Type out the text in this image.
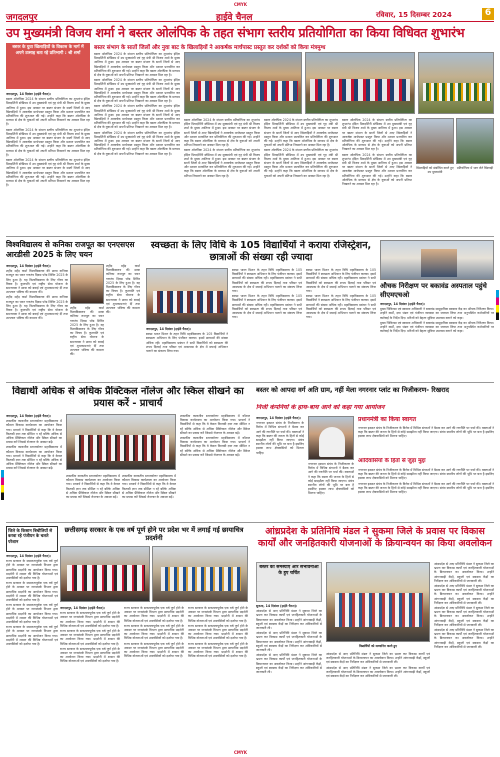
CMYK
जगदलपुर	हाईवे चैनल	रविवार, 15 दिसम्बर 2024	6
उप मुख्यमंत्री विजय शर्मा ने बस्तर ओलंपिक के तहत संभाग स्तरीय प्रतियोगिता का किया विधिवत शुभारंभ
बस्तर संभाग के सातों जिलों और नुवा बाट के खिलाड़ियों ने आकर्षक मार्चपास्ट प्रस्तुत कर दर्शकों को किया मंत्रमुग्ध
बस्तर के युवा खिलाड़ियों के विकास के मार्ग में अपने उत्साह बता रहे प्रतिभागी : श्री शर्मा

जगदलपुर, 14 दिसंबर (हाईवे चैनल)।

बस्तर ओलंपिक 2024 के संभाग स्तरीय प्रतियोगिता का शुभारंभ इंदिरा प्रियदर्शिनी स्टेडियम में उप मुख्यमंत्री एवं गृह मंत्री श्री विजय शर्मा के मुख्य आतिथ्य में हुआ। इस अवसर पर बस्तर संभाग के सातों जिलों से आए खिलाड़ियों ने आकर्षक मार्चपास्ट प्रस्तुत किया और मशाल प्रज्वलित कर प्रतियोगिता की शुरुआत की गई। उन्होंने कहा कि बस्तर ओलंपिक के माध्यम से क्षेत्र के युवाओं को अपनी प्रतिभा निखारने का अवसर मिल रहा है।

बस्तर ओलंपिक 2024 के संभाग स्तरीय प्रतियोगिता का शुभारंभ इंदिरा प्रियदर्शिनी स्टेडियम में उप मुख्यमंत्री एवं गृह मंत्री श्री विजय शर्मा के मुख्य आतिथ्य में हुआ। इस अवसर पर बस्तर संभाग के सातों जिलों से आए खिलाड़ियों ने आकर्षक मार्चपास्ट प्रस्तुत किया और मशाल प्रज्वलित कर प्रतियोगिता की शुरुआत की गई। उन्होंने कहा कि बस्तर ओलंपिक के माध्यम से क्षेत्र के युवाओं को अपनी प्रतिभा निखारने का अवसर मिल रहा है।

बस्तर ओलंपिक 2024 के संभाग स्तरीय प्रतियोगिता का शुभारंभ इंदिरा प्रियदर्शिनी स्टेडियम में उप मुख्यमंत्री एवं गृह मंत्री श्री विजय शर्मा के मुख्य आतिथ्य में हुआ। इस अवसर पर बस्तर संभाग के सातों जिलों से आए खिलाड़ियों ने आकर्षक मार्चपास्ट प्रस्तुत किया और मशाल प्रज्वलित कर प्रतियोगिता की शुरुआत की गई। उन्होंने कहा कि बस्तर ओलंपिक के माध्यम से क्षेत्र के युवाओं को अपनी प्रतिभा निखारने का अवसर मिल रहा है।

बस्तर ओलंपिक 2024 के संभाग स्तरीय प्रतियोगिता का शुभारंभ इंदिरा प्रियदर्शिनी स्टेडियम में उप मुख्यमंत्री एवं गृह मंत्री श्री विजय शर्मा के मुख्य आतिथ्य में हुआ। इस अवसर पर बस्तर संभाग के सातों जिलों से आए खिलाड़ियों ने आकर्षक मार्चपास्ट प्रस्तुत किया और मशाल प्रज्वलित कर प्रतियोगिता की शुरुआत की गई। उन्होंने कहा कि बस्तर ओलंपिक के माध्यम से क्षेत्र के युवाओं को अपनी प्रतिभा निखारने का अवसर मिल रहा है।

बस्तर ओलंपिक 2024 के संभाग स्तरीय प्रतियोगिता का शुभारंभ इंदिरा प्रियदर्शिनी स्टेडियम में उप मुख्यमंत्री एवं गृह मंत्री श्री विजय शर्मा के मुख्य आतिथ्य में हुआ। इस अवसर पर बस्तर संभाग के सातों जिलों से आए खिलाड़ियों ने आकर्षक मार्चपास्ट प्रस्तुत किया और मशाल प्रज्वलित कर प्रतियोगिता की शुरुआत की गई। उन्होंने कहा कि बस्तर ओलंपिक के माध्यम से क्षेत्र के युवाओं को अपनी प्रतिभा निखारने का अवसर मिल रहा है।

बस्तर ओलंपिक 2024 के संभाग स्तरीय प्रतियोगिता का शुभारंभ इंदिरा प्रियदर्शिनी स्टेडियम में उप मुख्यमंत्री एवं गृह मंत्री श्री विजय शर्मा के मुख्य आतिथ्य में हुआ। इस अवसर पर बस्तर संभाग के सातों जिलों से आए खिलाड़ियों ने आकर्षक मार्चपास्ट प्रस्तुत किया और मशाल प्रज्वलित कर प्रतियोगिता की शुरुआत की गई। उन्होंने कहा कि बस्तर ओलंपिक के माध्यम से क्षेत्र के युवाओं को अपनी प्रतिभा निखारने का अवसर मिल रहा है।

बस्तर ओलंपिक 2024 के संभाग स्तरीय प्रतियोगिता का शुभारंभ इंदिरा प्रियदर्शिनी स्टेडियम में उप मुख्यमंत्री एवं गृह मंत्री श्री विजय शर्मा के मुख्य आतिथ्य में हुआ। इस अवसर पर बस्तर संभाग के सातों जिलों से आए खिलाड़ियों ने आकर्षक मार्चपास्ट प्रस्तुत किया और मशाल प्रज्वलित कर प्रतियोगिता की शुरुआत की गई। उन्होंने कहा कि बस्तर ओलंपिक के माध्यम से क्षेत्र के युवाओं को अपनी प्रतिभा निखारने का अवसर मिल रहा है।

बस्तर ओलंपिक 2024 के संभाग स्तरीय प्रतियोगिता का शुभारंभ इंदिरा प्रियदर्शिनी स्टेडियम में उप मुख्यमंत्री एवं गृह मंत्री श्री विजय शर्मा के मुख्य आतिथ्य में हुआ। इस अवसर पर बस्तर संभाग के सातों जिलों से आए खिलाड़ियों ने आकर्षक मार्चपास्ट प्रस्तुत किया और मशाल प्रज्वलित कर प्रतियोगिता की शुरुआत की गई। उन्होंने कहा कि बस्तर ओलंपिक के माध्यम से क्षेत्र के युवाओं को अपनी प्रतिभा निखारने का अवसर मिल रहा है।

बस्तर ओलंपिक 2024 के संभाग स्तरीय प्रतियोगिता का शुभारंभ इंदिरा प्रियदर्शिनी स्टेडियम में उप मुख्यमंत्री एवं गृह मंत्री श्री विजय शर्मा के मुख्य आतिथ्य में हुआ। इस अवसर पर बस्तर संभाग के सातों जिलों से आए खिलाड़ियों ने आकर्षक मार्चपास्ट प्रस्तुत किया और मशाल प्रज्वलित कर प्रतियोगिता की शुरुआत की गई। उन्होंने कहा कि बस्तर ओलंपिक के माध्यम से क्षेत्र के युवाओं को अपनी प्रतिभा निखारने का अवसर मिल रहा है।

बस्तर ओलंपिक 2024 के संभाग स्तरीय प्रतियोगिता का शुभारंभ इंदिरा प्रियदर्शिनी स्टेडियम में उप मुख्यमंत्री एवं गृह मंत्री श्री विजय शर्मा के मुख्य आतिथ्य में हुआ। इस अवसर पर बस्तर संभाग के सातों जिलों से आए खिलाड़ियों ने आकर्षक मार्चपास्ट प्रस्तुत किया और मशाल प्रज्वलित कर प्रतियोगिता की शुरुआत की गई। उन्होंने कहा कि बस्तर ओलंपिक के माध्यम से क्षेत्र के युवाओं को अपनी प्रतिभा निखारने का अवसर मिल रहा है।

बस्तर ओलंपिक 2024 के संभाग स्तरीय प्रतियोगिता का शुभारंभ इंदिरा प्रियदर्शिनी स्टेडियम में उप मुख्यमंत्री एवं गृह मंत्री श्री विजय शर्मा के मुख्य आतिथ्य में हुआ। इस अवसर पर बस्तर संभाग के सातों जिलों से आए खिलाड़ियों ने आकर्षक मार्चपास्ट प्रस्तुत किया और मशाल प्रज्वलित कर प्रतियोगिता की शुरुआत की गई। उन्होंने कहा कि बस्तर ओलंपिक के माध्यम से क्षेत्र के युवाओं को अपनी प्रतिभा निखारने का अवसर मिल रहा है।

बस्तर ओलंपिक 2024 के संभाग स्तरीय प्रतियोगिता का शुभारंभ इंदिरा प्रियदर्शिनी स्टेडियम में उप मुख्यमंत्री एवं गृह मंत्री श्री विजय शर्मा के मुख्य आतिथ्य में हुआ। इस अवसर पर बस्तर संभाग के सातों जिलों से आए खिलाड़ियों ने आकर्षक मार्चपास्ट प्रस्तुत किया और मशाल प्रज्वलित कर प्रतियोगिता की शुरुआत की गई। उन्होंने कहा कि बस्तर ओलंपिक के माध्यम से क्षेत्र के युवाओं को अपनी प्रतिभा निखारने का अवसर मिल रहा है।

बस्तर ओलंपिक 2024 के संभाग स्तरीय प्रतियोगिता का शुभारंभ इंदिरा प्रियदर्शिनी स्टेडियम में उप मुख्यमंत्री एवं गृह मंत्री श्री विजय शर्मा के मुख्य आतिथ्य में हुआ। इस अवसर पर बस्तर संभाग के सातों जिलों से आए खिलाड़ियों ने आकर्षक मार्चपास्ट प्रस्तुत किया और मशाल प्रज्वलित कर प्रतियोगिता की शुरुआत की गई। उन्होंने कहा कि बस्तर ओलंपिक के माध्यम से क्षेत्र के युवाओं को अपनी प्रतिभा निखारने का अवसर मिल रहा है।

खिलाड़ियों को संबोधित करते हुए उप मुख्यमंत्री
प्रतियोगिता में भाग लेते खिलाड़ी
विश्वविद्यालय से कनिका राजपूत का एनएसएस आरडीसी 2025 के लिए चयन

जगदलपुर, 14 दिसंबर (हाईवे चैनल)।

शहीद महेंद्र कर्मा विश्वविद्यालय की छात्रा कनिका राजपूत का चयन गणतंत्र दिवस परेड शिविर 2025 के लिए हुआ है। यह विश्वविद्यालय के लिए गौरव का विषय है। कुलपति एवं राष्ट्रीय सेवा योजना के समन्वयक ने छात्रा को बधाई एवं शुभकामनाएं दीं तथा उज्ज्वल भविष्य की कामना की।

शहीद महेंद्र कर्मा विश्वविद्यालय की छात्रा कनिका राजपूत का चयन गणतंत्र दिवस परेड शिविर 2025 के लिए हुआ है। यह विश्वविद्यालय के लिए गौरव का विषय है। कुलपति एवं राष्ट्रीय सेवा योजना के समन्वयक ने छात्रा को बधाई एवं शुभकामनाएं दीं तथा उज्ज्वल भविष्य की कामना की।

शहीद महेंद्र कर्मा विश्वविद्यालय की छात्रा कनिका राजपूत का चयन गणतंत्र दिवस परेड शिविर 2025 के लिए हुआ है। यह विश्वविद्यालय के लिए गौरव का विषय है। कुलपति एवं राष्ट्रीय सेवा योजना के समन्वयक ने छात्रा को बधाई एवं शुभकामनाएं दीं तथा उज्ज्वल भविष्य की कामना की।

शहीद महेंद्र कर्मा विश्वविद्यालय की छात्रा कनिका राजपूत का चयन गणतंत्र दिवस परेड शिविर 2025 के लिए हुआ है। यह विश्वविद्यालय के लिए गौरव का विषय है। कुलपति एवं राष्ट्रीय सेवा योजना के समन्वयक ने छात्रा को बधाई एवं शुभकामनाएं दीं तथा उज्ज्वल भविष्य की कामना की।

स्वच्छता के लिए विधि के 105 विद्यार्थियों ने कराया रजिस्ट्रेशन, छात्राओं की संख्या रही ज्यादा

जगदलपुर, 14 दिसंबर (हाईवे चैनल)।

स्वच्छ भारत मिशन के तहत विधि महाविद्यालय के 105 विद्यार्थियों ने स्वच्छता अभियान के लिए पंजीयन कराया। इसमें छात्राओं की संख्या अधिक रही। महाविद्यालय प्रबंधन ने सभी विद्यार्थियों को स्वच्छता की शपथ दिलाई तथा परिसर एवं आसपास के क्षेत्र में सफाई अभियान चलाने का संकल्प लिया गया।

स्वच्छ भारत मिशन के तहत विधि महाविद्यालय के 105 विद्यार्थियों ने स्वच्छता अभियान के लिए पंजीयन कराया। इसमें छात्राओं की संख्या अधिक रही। महाविद्यालय प्रबंधन ने सभी विद्यार्थियों को स्वच्छता की शपथ दिलाई तथा परिसर एवं आसपास के क्षेत्र में सफाई अभियान चलाने का संकल्प लिया गया।

स्वच्छ भारत मिशन के तहत विधि महाविद्यालय के 105 विद्यार्थियों ने स्वच्छता अभियान के लिए पंजीयन कराया। इसमें छात्राओं की संख्या अधिक रही। महाविद्यालय प्रबंधन ने सभी विद्यार्थियों को स्वच्छता की शपथ दिलाई तथा परिसर एवं आसपास के क्षेत्र में सफाई अभियान चलाने का संकल्प लिया गया।

स्वच्छ भारत मिशन के तहत विधि महाविद्यालय के 105 विद्यार्थियों ने स्वच्छता अभियान के लिए पंजीयन कराया। इसमें छात्राओं की संख्या अधिक रही। महाविद्यालय प्रबंधन ने सभी विद्यार्थियों को स्वच्छता की शपथ दिलाई तथा परिसर एवं आसपास के क्षेत्र में सफाई अभियान चलाने का संकल्प लिया गया।

स्वच्छ भारत मिशन के तहत विधि महाविद्यालय के 105 विद्यार्थियों ने स्वच्छता अभियान के लिए पंजीयन कराया। इसमें छात्राओं की संख्या अधिक रही। महाविद्यालय प्रबंधन ने सभी विद्यार्थियों को स्वच्छता की शपथ दिलाई तथा परिसर एवं आसपास के क्षेत्र में सफाई अभियान चलाने का संकल्प लिया गया।

औचक निरीक्षण पर बकावंड अस्पताल पहुंचे सीएमएचओ

जगदलपुर, 14 दिसंबर (हाईवे चैनल)।

मुख्य चिकित्सा एवं स्वास्थ्य अधिकारी ने बकावंड सामुदायिक स्वास्थ्य केंद्र का औचक निरीक्षण किया। उन्होंने वार्डों, दवा भंडार एवं पंजीयन व्यवस्था का जायजा लिया तथा अनुपस्थित कर्मचारियों पर कार्रवाई के निर्देश दिए। मरीजों को बेहतर सुविधा उपलब्ध कराने को कहा।

मुख्य चिकित्सा एवं स्वास्थ्य अधिकारी ने बकावंड सामुदायिक स्वास्थ्य केंद्र का औचक निरीक्षण किया। उन्होंने वार्डों, दवा भंडार एवं पंजीयन व्यवस्था का जायजा लिया तथा अनुपस्थित कर्मचारियों पर कार्रवाई के निर्देश दिए। मरीजों को बेहतर सुविधा उपलब्ध कराने को कहा।

विद्यार्थी अधिक से अधिक प्रैक्टिकल नॉलेज और स्किल सीखने का प्रयास करें - प्राचार्य

जगदलपुर, 14 दिसंबर (हाईवे चैनल)।

शासकीय काकतीय स्नातकोत्तर महाविद्यालय में कौशल विकास कार्यशाला का आयोजन किया गया। प्राचार्य ने विद्यार्थियों से कहा कि वे केवल किताबी ज्ञान तक सीमित न रहें बल्कि अधिक से अधिक प्रैक्टिकल नॉलेज और स्किल सीखने का प्रयास करें जिससे रोजगार के अवसर बढ़ें।

शासकीय काकतीय स्नातकोत्तर महाविद्यालय में कौशल विकास कार्यशाला का आयोजन किया गया। प्राचार्य ने विद्यार्थियों से कहा कि वे केवल किताबी ज्ञान तक सीमित न रहें बल्कि अधिक से अधिक प्रैक्टिकल नॉलेज और स्किल सीखने का प्रयास करें जिससे रोजगार के अवसर बढ़ें।

शासकीय काकतीय स्नातकोत्तर महाविद्यालय में कौशल विकास कार्यशाला का आयोजन किया गया। प्राचार्य ने विद्यार्थियों से कहा कि वे केवल किताबी ज्ञान तक सीमित न रहें बल्कि अधिक से अधिक प्रैक्टिकल नॉलेज और स्किल सीखने का प्रयास करें जिससे रोजगार के अवसर बढ़ें।

शासकीय काकतीय स्नातकोत्तर महाविद्यालय में कौशल विकास कार्यशाला का आयोजन किया गया। प्राचार्य ने विद्यार्थियों से कहा कि वे केवल किताबी ज्ञान तक सीमित न रहें बल्कि अधिक से अधिक प्रैक्टिकल नॉलेज और स्किल सीखने का प्रयास करें जिससे रोजगार के अवसर बढ़ें।

शासकीय काकतीय स्नातकोत्तर महाविद्यालय में कौशल विकास कार्यशाला का आयोजन किया गया। प्राचार्य ने विद्यार्थियों से कहा कि वे केवल किताबी ज्ञान तक सीमित न रहें बल्कि अधिक से अधिक प्रैक्टिकल नॉलेज और स्किल सीखने का प्रयास करें जिससे रोजगार के अवसर बढ़ें।

शासकीय काकतीय स्नातकोत्तर महाविद्यालय में कौशल विकास कार्यशाला का आयोजन किया गया। प्राचार्य ने विद्यार्थियों से कहा कि वे केवल किताबी ज्ञान तक सीमित न रहें बल्कि अधिक से अधिक प्रैक्टिकल नॉलेज और स्किल सीखने का प्रयास करें जिससे रोजगार के अवसर बढ़ें।

बस्तर को आपदा वर्ग अति ग्राम, नहीं मेला नगरनार प्लांट का निजीकरण- रिखराद
निजी कंपनियों के हाथ-बाथ आने को कहा गया आयोजन

जगदलपुर, 14 दिसंबर (हाईवे चैनल)।

नगरनार इस्पात संयंत्र के निजीकरण के विरोध में विभिन्न संगठनों ने बैठक कर आगे की रणनीति पर चर्चा की। वक्ताओं ने कहा कि बस्तर की जनता के हितों से कोई समझौता नहीं किया जाएगा। संयंत्र स्थानीय लोगों की भूमि पर बना है इसलिए इसका लाभ क्षेत्रवासियों को मिलना चाहिए।

नगरनार इस्पात संयंत्र के निजीकरण के विरोध में विभिन्न संगठनों ने बैठक कर आगे की रणनीति पर चर्चा की। वक्ताओं ने कहा कि बस्तर की जनता के हितों से कोई समझौता नहीं किया जाएगा। संयंत्र स्थानीय लोगों की भूमि पर बना है इसलिए इसका लाभ क्षेत्रवासियों को मिलना चाहिए।

प्रधानमंत्री का किया स्वागत

नगरनार इस्पात संयंत्र के निजीकरण के विरोध में विभिन्न संगठनों ने बैठक कर आगे की रणनीति पर चर्चा की। वक्ताओं ने कहा कि बस्तर की जनता के हितों से कोई समझौता नहीं किया जाएगा। संयंत्र स्थानीय लोगों की भूमि पर बना है इसलिए इसका लाभ क्षेत्रवासियों को मिलना चाहिए।

आदिवासियों के हितों से जुड़ा मुद्दा

नगरनार इस्पात संयंत्र के निजीकरण के विरोध में विभिन्न संगठनों ने बैठक कर आगे की रणनीति पर चर्चा की। वक्ताओं ने कहा कि बस्तर की जनता के हितों से कोई समझौता नहीं किया जाएगा। संयंत्र स्थानीय लोगों की भूमि पर बना है इसलिए इसका लाभ क्षेत्रवासियों को मिलना चाहिए।

नगरनार इस्पात संयंत्र के निजीकरण के विरोध में विभिन्न संगठनों ने बैठक कर आगे की रणनीति पर चर्चा की। वक्ताओं ने कहा कि बस्तर की जनता के हितों से कोई समझौता नहीं किया जाएगा। संयंत्र स्थानीय लोगों की भूमि पर बना है इसलिए इसका लाभ क्षेत्रवासियों को मिलना चाहिए।

छत्तीसगढ़ सरकार के एक वर्ष पूर्ण होने पर प्रदेश भर में लगाई गई छायाचित्र प्रदर्शनी
जिले के किसान बिचौलियों से करवा रहे पंजीयन के चलते परेशान

जगदलपुर, 14 दिसंबर (हाईवे चैनल)।

राज्य सरकार के सफलतापूर्वक एक वर्ष पूर्ण होने के अवसर पर जनसंपर्क विभाग द्वारा छायाचित्र प्रदर्शनी का आयोजन किया गया। प्रदर्शनी में शासन की विभिन्न योजनाओं एवं उपलब्धियों को दर्शाया गया है।

राज्य सरकार के सफलतापूर्वक एक वर्ष पूर्ण होने के अवसर पर जनसंपर्क विभाग द्वारा छायाचित्र प्रदर्शनी का आयोजन किया गया। प्रदर्शनी में शासन की विभिन्न योजनाओं एवं उपलब्धियों को दर्शाया गया है।

राज्य सरकार के सफलतापूर्वक एक वर्ष पूर्ण होने के अवसर पर जनसंपर्क विभाग द्वारा छायाचित्र प्रदर्शनी का आयोजन किया गया। प्रदर्शनी में शासन की विभिन्न योजनाओं एवं उपलब्धियों को दर्शाया गया है।

राज्य सरकार के सफलतापूर्वक एक वर्ष पूर्ण होने के अवसर पर जनसंपर्क विभाग द्वारा छायाचित्र प्रदर्शनी का आयोजन किया गया। प्रदर्शनी में शासन की विभिन्न योजनाओं एवं उपलब्धियों को दर्शाया गया है।

जगदलपुर, 14 दिसंबर (हाईवे चैनल)।

राज्य सरकार के सफलतापूर्वक एक वर्ष पूर्ण होने के अवसर पर जनसंपर्क विभाग द्वारा छायाचित्र प्रदर्शनी का आयोजन किया गया। प्रदर्शनी में शासन की विभिन्न योजनाओं एवं उपलब्धियों को दर्शाया गया है।

राज्य सरकार के सफलतापूर्वक एक वर्ष पूर्ण होने के अवसर पर जनसंपर्क विभाग द्वारा छायाचित्र प्रदर्शनी का आयोजन किया गया। प्रदर्शनी में शासन की विभिन्न योजनाओं एवं उपलब्धियों को दर्शाया गया है।

राज्य सरकार के सफलतापूर्वक एक वर्ष पूर्ण होने के अवसर पर जनसंपर्क विभाग द्वारा छायाचित्र प्रदर्शनी का आयोजन किया गया। प्रदर्शनी में शासन की विभिन्न योजनाओं एवं उपलब्धियों को दर्शाया गया है।

राज्य सरकार के सफलतापूर्वक एक वर्ष पूर्ण होने के अवसर पर जनसंपर्क विभाग द्वारा छायाचित्र प्रदर्शनी का आयोजन किया गया। प्रदर्शनी में शासन की विभिन्न योजनाओं एवं उपलब्धियों को दर्शाया गया है।

राज्य सरकार के सफलतापूर्वक एक वर्ष पूर्ण होने के अवसर पर जनसंपर्क विभाग द्वारा छायाचित्र प्रदर्शनी का आयोजन किया गया। प्रदर्शनी में शासन की विभिन्न योजनाओं एवं उपलब्धियों को दर्शाया गया है।

राज्य सरकार के सफलतापूर्वक एक वर्ष पूर्ण होने के अवसर पर जनसंपर्क विभाग द्वारा छायाचित्र प्रदर्शनी का आयोजन किया गया। प्रदर्शनी में शासन की विभिन्न योजनाओं एवं उपलब्धियों को दर्शाया गया है।

राज्य सरकार के सफलतापूर्वक एक वर्ष पूर्ण होने के अवसर पर जनसंपर्क विभाग द्वारा छायाचित्र प्रदर्शनी का आयोजन किया गया। प्रदर्शनी में शासन की विभिन्न योजनाओं एवं उपलब्धियों को दर्शाया गया है।

राज्य सरकार के सफलतापूर्वक एक वर्ष पूर्ण होने के अवसर पर जनसंपर्क विभाग द्वारा छायाचित्र प्रदर्शनी का आयोजन किया गया। प्रदर्शनी में शासन की विभिन्न योजनाओं एवं उपलब्धियों को दर्शाया गया है।

राज्य सरकार के सफलतापूर्वक एक वर्ष पूर्ण होने के अवसर पर जनसंपर्क विभाग द्वारा छायाचित्र प्रदर्शनी का आयोजन किया गया। प्रदर्शनी में शासन की विभिन्न योजनाओं एवं उपलब्धियों को दर्शाया गया है।

आंध्रप्रदेश के प्रतिनिधि मंडल ने सुकमा जिले के प्रवास पर विकास कार्यों और जनहितकारी योजनाओं के क्रियान्वयन का किया अवलोकन
बस्तर की समस्याएं और संभावनाओं के हुए चर्चित

सुकमा, 14 दिसंबर (हाईवे चैनल)।

आंध्रप्रदेश से आए प्रतिनिधि मंडल ने सुकमा जिले का भ्रमण कर विकास कार्यों एवं जनहितकारी योजनाओं के क्रियान्वयन का अवलोकन किया। उन्होंने आंगनबाड़ी केंद्रों, स्कूलों एवं स्वास्थ्य केंद्रों का निरीक्षण कर अधिकारियों से जानकारी ली।

आंध्रप्रदेश से आए प्रतिनिधि मंडल ने सुकमा जिले का भ्रमण कर विकास कार्यों एवं जनहितकारी योजनाओं के क्रियान्वयन का अवलोकन किया। उन्होंने आंगनबाड़ी केंद्रों, स्कूलों एवं स्वास्थ्य केंद्रों का निरीक्षण कर अधिकारियों से जानकारी ली।

आंध्रप्रदेश से आए प्रतिनिधि मंडल ने सुकमा जिले का भ्रमण कर विकास कार्यों एवं जनहितकारी योजनाओं के क्रियान्वयन का अवलोकन किया। उन्होंने आंगनबाड़ी केंद्रों, स्कूलों एवं स्वास्थ्य केंद्रों का निरीक्षण कर अधिकारियों से जानकारी ली।

विद्यार्थियों को सम्मानित करते हुए

आंध्रप्रदेश से आए प्रतिनिधि मंडल ने सुकमा जिले का भ्रमण कर विकास कार्यों एवं जनहितकारी योजनाओं के क्रियान्वयन का अवलोकन किया। उन्होंने आंगनबाड़ी केंद्रों, स्कूलों एवं स्वास्थ्य केंद्रों का निरीक्षण कर अधिकारियों से जानकारी ली।

आंध्रप्रदेश से आए प्रतिनिधि मंडल ने सुकमा जिले का भ्रमण कर विकास कार्यों एवं जनहितकारी योजनाओं के क्रियान्वयन का अवलोकन किया। उन्होंने आंगनबाड़ी केंद्रों, स्कूलों एवं स्वास्थ्य केंद्रों का निरीक्षण कर अधिकारियों से जानकारी ली।

आंध्रप्रदेश से आए प्रतिनिधि मंडल ने सुकमा जिले का भ्रमण कर विकास कार्यों एवं जनहितकारी योजनाओं के क्रियान्वयन का अवलोकन किया। उन्होंने आंगनबाड़ी केंद्रों, स्कूलों एवं स्वास्थ्य केंद्रों का निरीक्षण कर अधिकारियों से जानकारी ली।

आंध्रप्रदेश से आए प्रतिनिधि मंडल ने सुकमा जिले का भ्रमण कर विकास कार्यों एवं जनहितकारी योजनाओं के क्रियान्वयन का अवलोकन किया। उन्होंने आंगनबाड़ी केंद्रों, स्कूलों एवं स्वास्थ्य केंद्रों का निरीक्षण कर अधिकारियों से जानकारी ली।

आंध्रप्रदेश से आए प्रतिनिधि मंडल ने सुकमा जिले का भ्रमण कर विकास कार्यों एवं जनहितकारी योजनाओं के क्रियान्वयन का अवलोकन किया। उन्होंने आंगनबाड़ी केंद्रों, स्कूलों एवं स्वास्थ्य केंद्रों का निरीक्षण कर अधिकारियों से जानकारी ली।

आंध्रप्रदेश से आए प्रतिनिधि मंडल ने सुकमा जिले का भ्रमण कर विकास कार्यों एवं जनहितकारी योजनाओं के क्रियान्वयन का अवलोकन किया। उन्होंने आंगनबाड़ी केंद्रों, स्कूलों एवं स्वास्थ्य केंद्रों का निरीक्षण कर अधिकारियों से जानकारी ली।

CMYK
